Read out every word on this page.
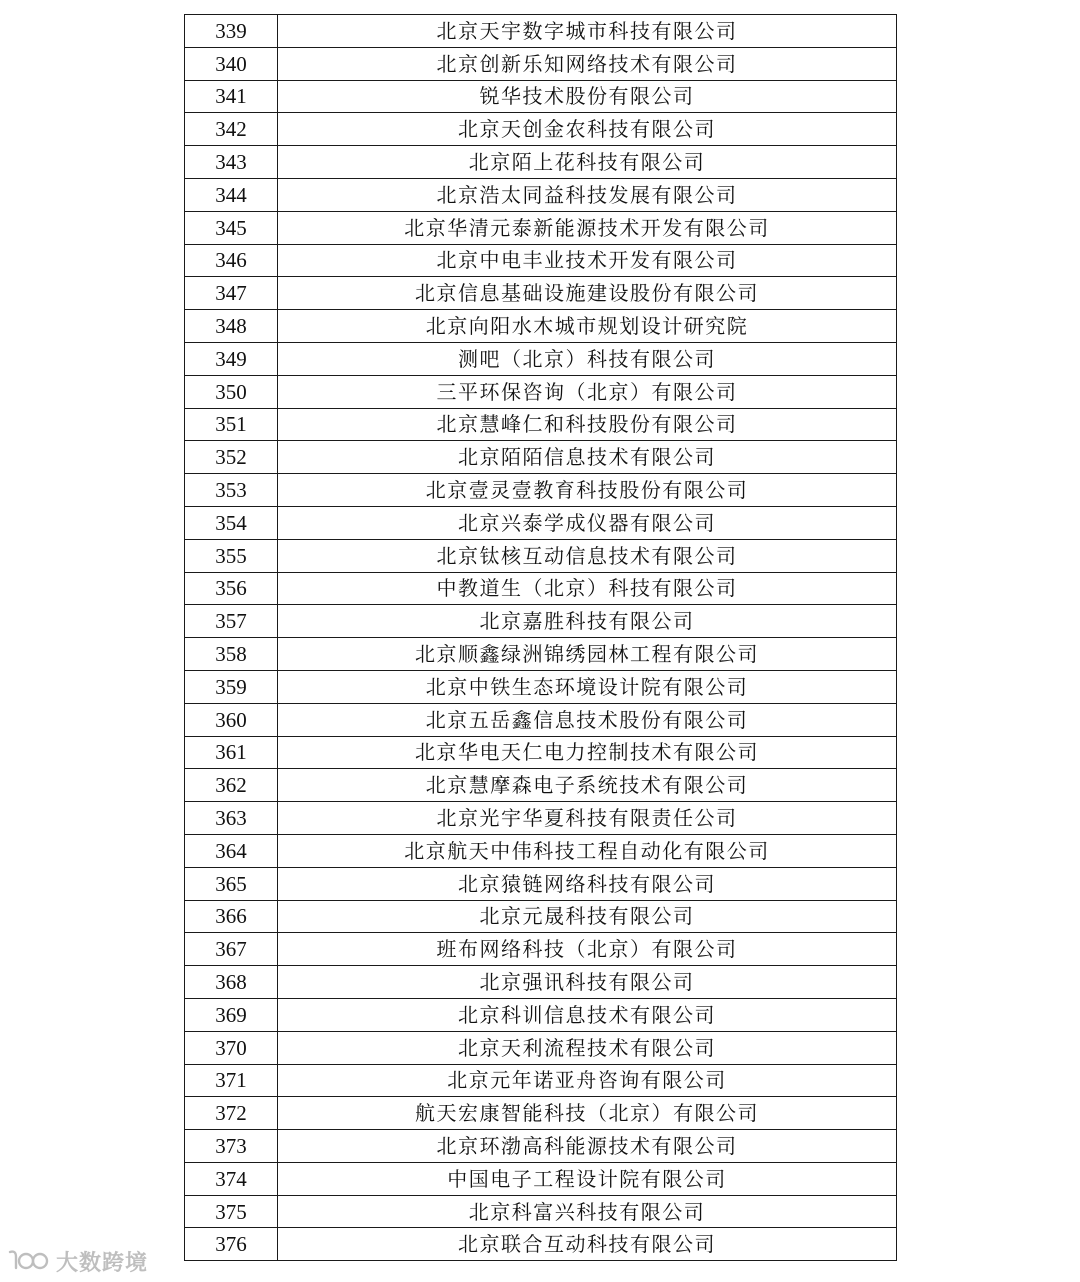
339	北京天宇数字城市科技有限公司
340	北京创新乐知网络技术有限公司
341	锐华技术股份有限公司
342	北京天创金农科技有限公司
343	北京陌上花科技有限公司
344	北京浩太同益科技发展有限公司
345	北京华清元泰新能源技术开发有限公司
346	北京中电丰业技术开发有限公司
347	北京信息基础设施建设股份有限公司
348	北京向阳水木城市规划设计研究院
349	测吧（北京）科技有限公司
350	三平环保咨询（北京）有限公司
351	北京慧峰仁和科技股份有限公司
352	北京陌陌信息技术有限公司
353	北京壹灵壹教育科技股份有限公司
354	北京兴泰学成仪器有限公司
355	北京钛核互动信息技术有限公司
356	中教道生（北京）科技有限公司
357	北京嘉胜科技有限公司
358	北京顺鑫绿洲锦绣园林工程有限公司
359	北京中铁生态环境设计院有限公司
360	北京五岳鑫信息技术股份有限公司
361	北京华电天仁电力控制技术有限公司
362	北京慧摩森电子系统技术有限公司
363	北京光宇华夏科技有限责任公司
364	北京航天中伟科技工程自动化有限公司
365	北京猿链网络科技有限公司
366	北京元晟科技有限公司
367	班布网络科技（北京）有限公司
368	北京强讯科技有限公司
369	北京科训信息技术有限公司
370	北京天利流程技术有限公司
371	北京元年诺亚舟咨询有限公司
372	航天宏康智能科技（北京）有限公司
373	北京环渤高科能源技术有限公司
374	中国电子工程设计院有限公司
375	北京科富兴科技有限公司
376	北京联合互动科技有限公司
大数跨境
